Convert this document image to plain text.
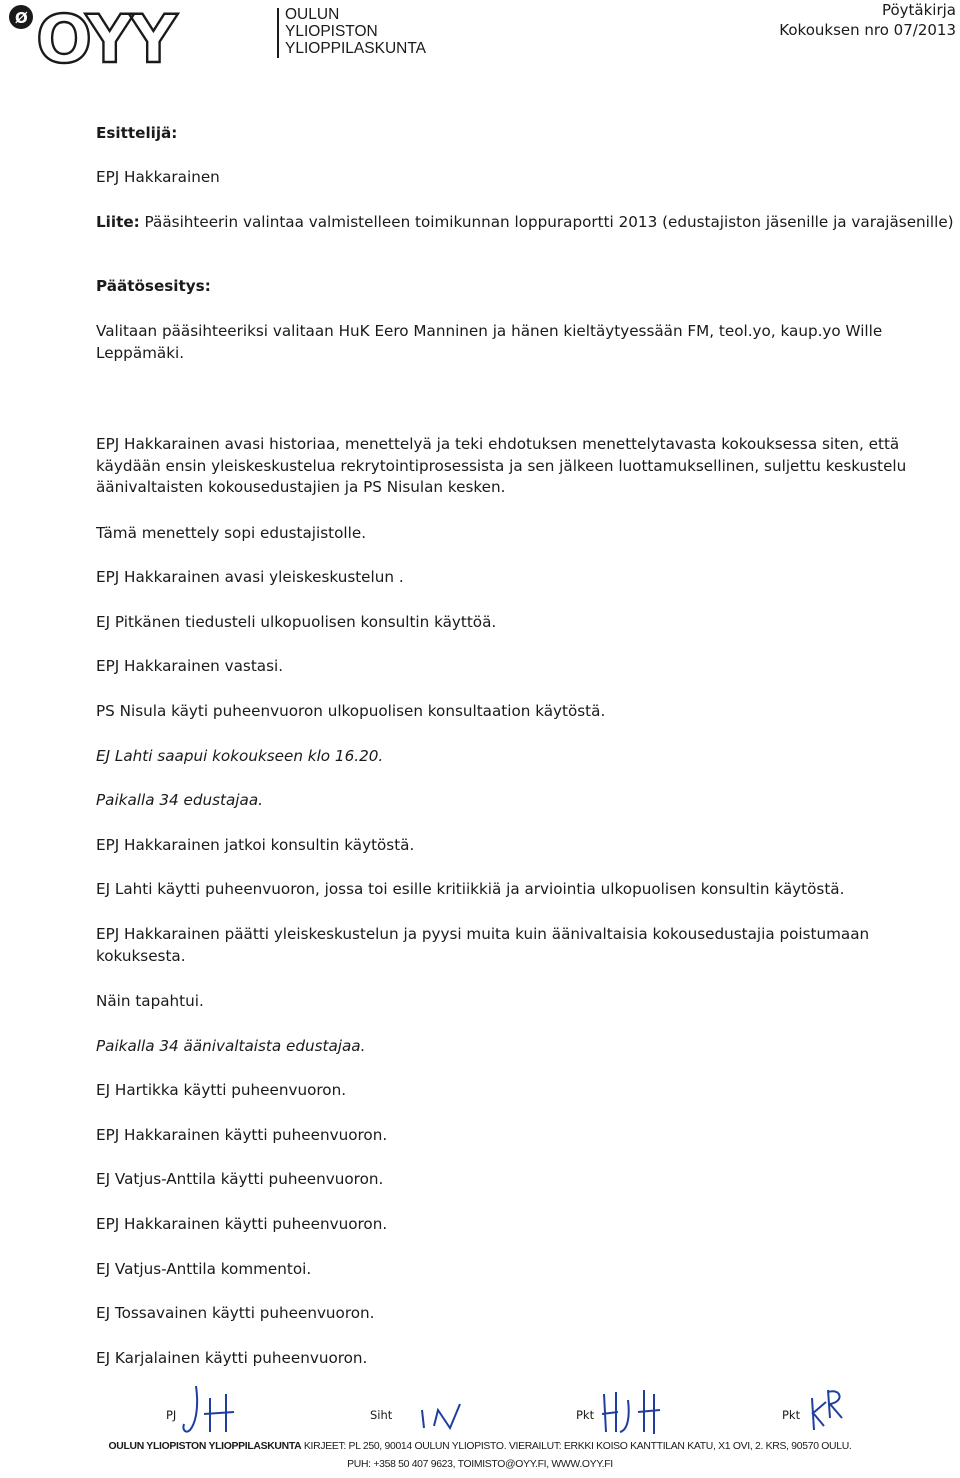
Ø OYY	OULUN
YLIOPISTON
YLIOPPILASKUNTA
Pöytäkirja
Kokouksen nro 07/2013
Esittelijä:
EPJ Hakkarainen
Liite: Pääsihteerin valintaa valmistelleen toimikunnan loppuraportti 2013 (edustajiston jäsenille ja varajäsenille)
Päätösesitys:
Valitaan pääsihteeriksi valitaan HuK Eero Manninen ja hänen kieltäytyessään FM, teol.yo, kaup.yo Wille Leppämäki.
EPJ Hakkarainen avasi historiaa, menettelyä ja teki ehdotuksen menettelytavasta kokouksessa siten, että käydään ensin yleiskeskustelua rekrytointiprosessista ja sen jälkeen luottamuksellinen, suljettu keskustelu äänivaltaisten kokousedustajien ja PS Nisulan kesken.
Tämä menettely sopi edustajistolle.
EPJ Hakkarainen avasi yleiskeskustelun .
EJ Pitkänen tiedusteli ulkopuolisen konsultin käyttöä.
EPJ Hakkarainen vastasi.
PS Nisula käyti puheenvuoron ulkopuolisen konsultaation käytöstä.
EJ Lahti saapui kokoukseen klo 16.20.
Paikalla 34 edustajaa.
EPJ Hakkarainen jatkoi konsultin käytöstä.
EJ Lahti käytti puheenvuoron, jossa toi esille kritiikkiä ja arviointia ulkopuolisen konsultin käytöstä.
EPJ Hakkarainen päätti yleiskeskustelun ja pyysi muita kuin äänivaltaisia kokousedustajia poistumaan kokuksesta.
Näin tapahtui.
Paikalla 34 äänivaltaista edustajaa.
EJ Hartikka käytti puheenvuoron.
EPJ Hakkarainen käytti puheenvuoron.
EJ Vatjus-Anttila käytti puheenvuoron.
EPJ Hakkarainen käytti puheenvuoron.
EJ Vatjus-Anttila kommentoi.
EJ Tossavainen käytti puheenvuoron.
EJ Karjalainen käytti puheenvuoron.
PJ	Siht	Pkt	Pkt
OULUN YLIOPISTON YLIOPPILASKUNTA KIRJEET: PL 250, 90014 OULUN YLIOPISTO. VIERAILUT: ERKKI KOISO KANTTILAN KATU, X1 OVI, 2. KRS, 90570 OULU.
PUH: +358 50 407 9623, TOIMISTO@OYY.FI, WWW.OYY.FI
